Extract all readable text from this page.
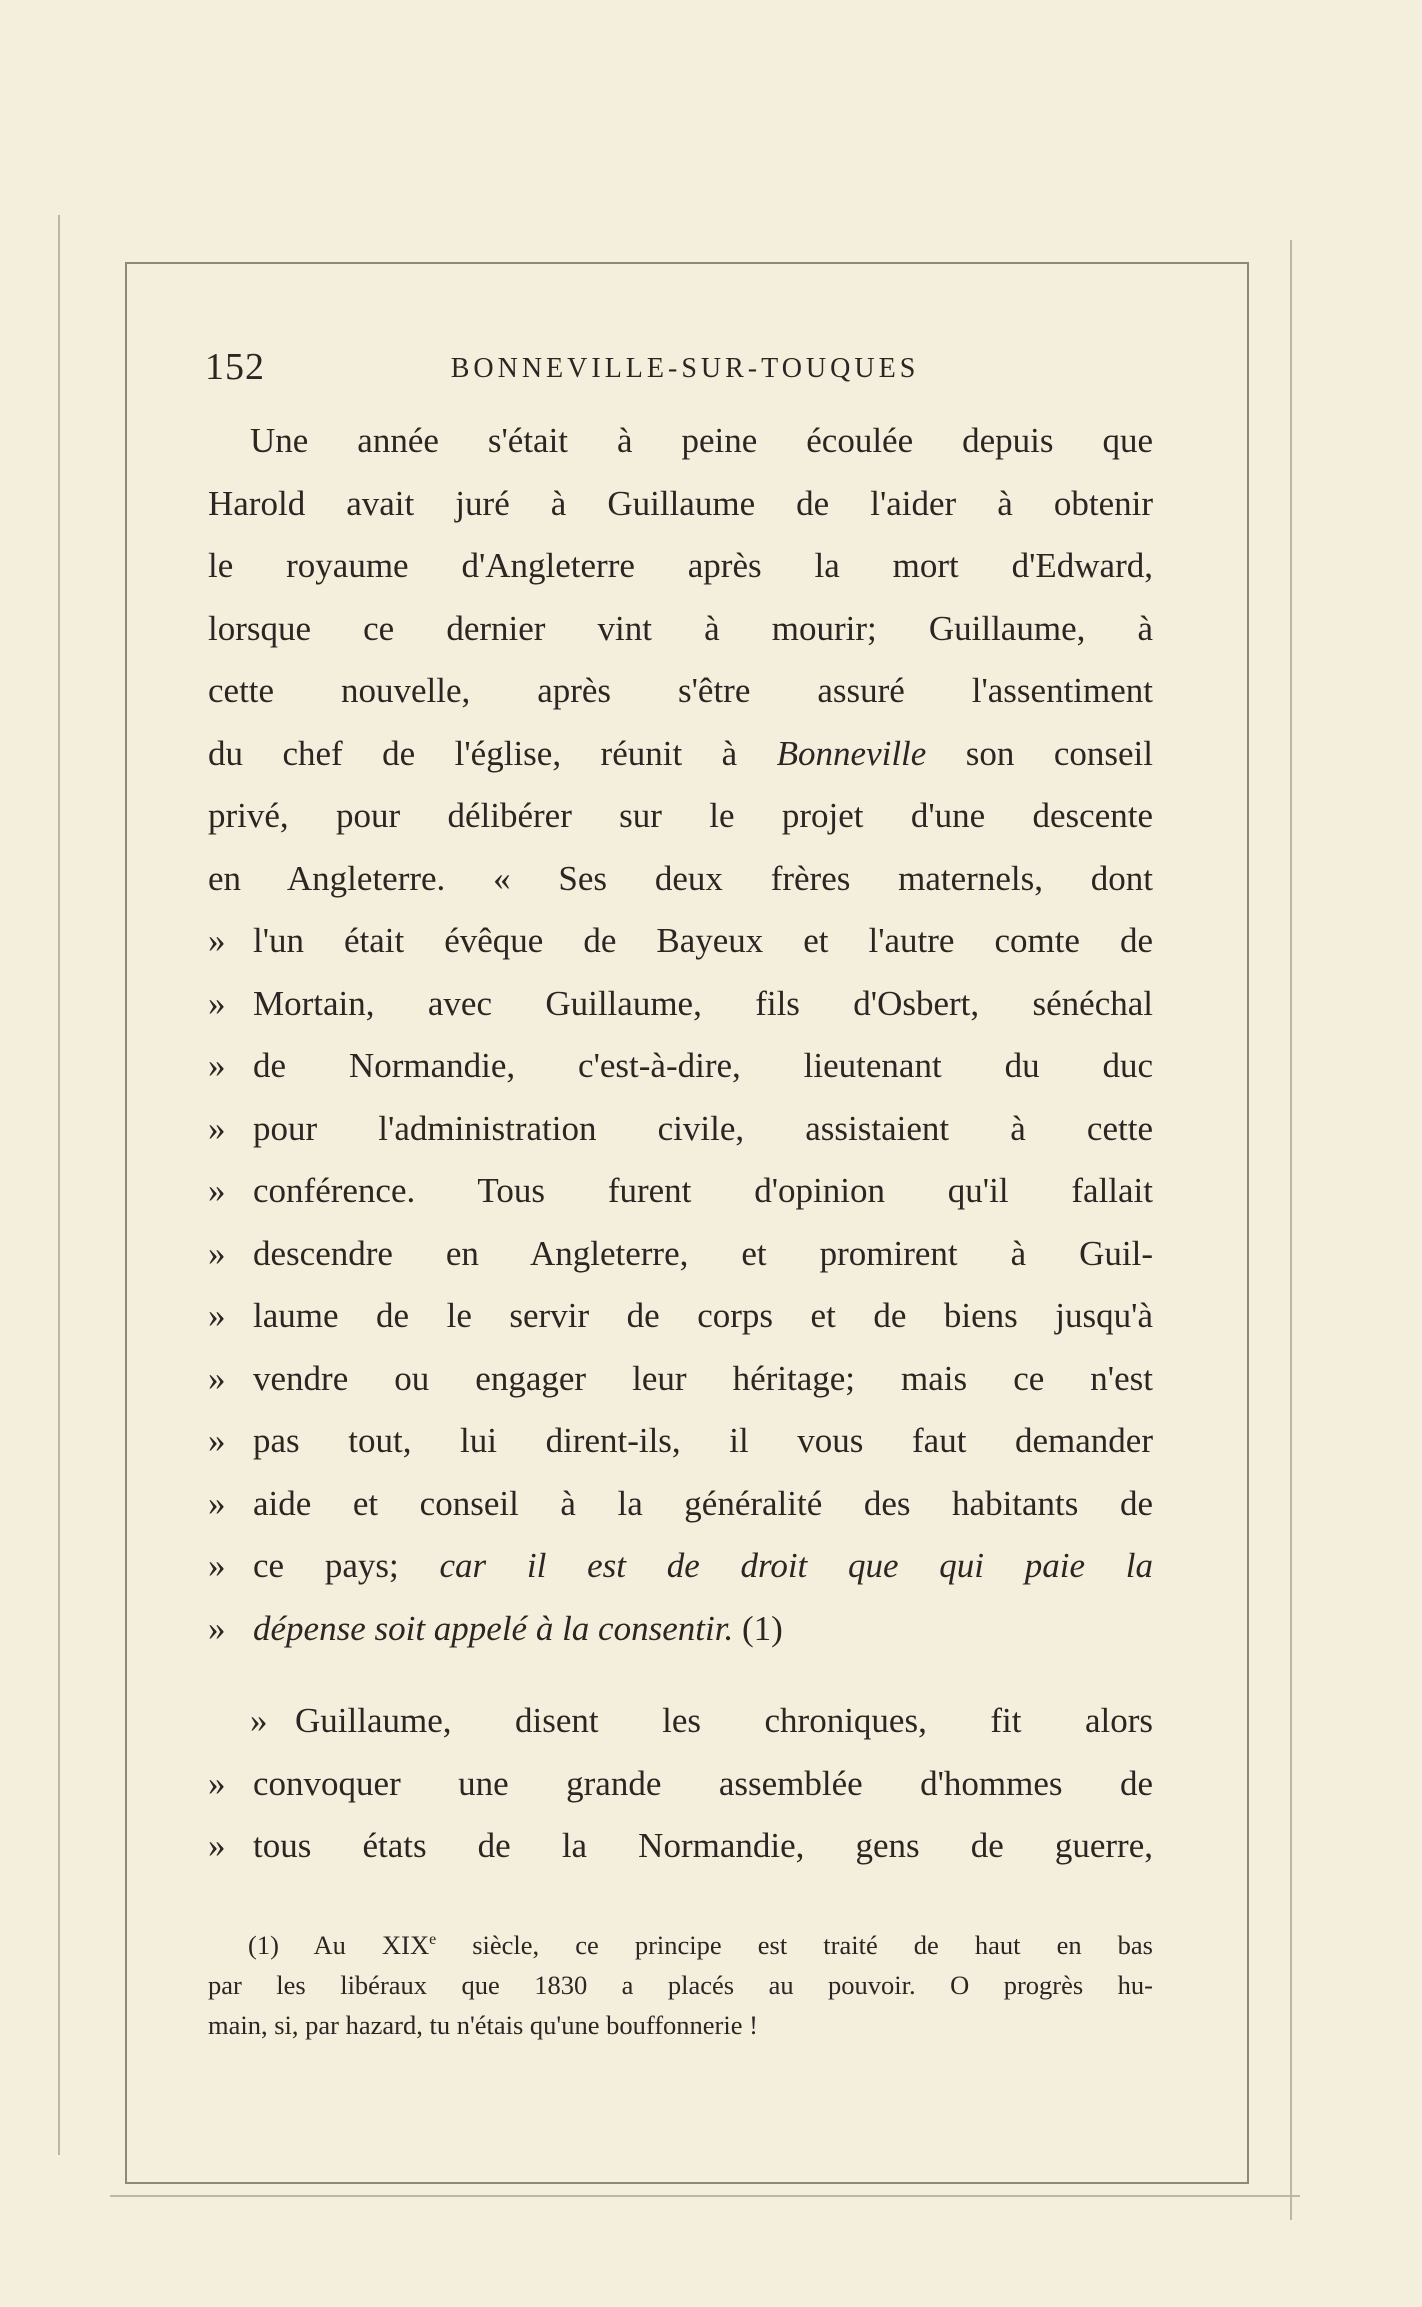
152	BONNEVILLE-SUR-TOUQUES
Une année s'était à peine écoulée depuis que
Harold avait juré à Guillaume de l'aider à obtenir
le royaume d'Angleterre après la mort d'Edward,
lorsque ce dernier vint à mourir; Guillaume, à
cette nouvelle, après s'être assuré l'assentiment
du chef de l'église, réunit à Bonneville son conseil
privé, pour délibérer sur le projet d'une descente
en Angleterre. « Ses deux frères maternels, dont
» l'un était évêque de Bayeux et l'autre comte de
» Mortain, avec Guillaume, fils d'Osbert, sénéchal
» de Normandie, c'est-à-dire, lieutenant du duc
» pour l'administration civile, assistaient à cette
» conférence. Tous furent d'opinion qu'il fallait
» descendre en Angleterre, et promirent à Guil-
» laume de le servir de corps et de biens jusqu'à
» vendre ou engager leur héritage; mais ce n'est
» pas tout, lui dirent-ils, il vous faut demander
» aide et conseil à la généralité des habitants de
» ce pays; car il est de droit que qui paie la
» dépense soit appelé à la consentir. (1)
» Guillaume, disent les chroniques, fit alors
» convoquer une grande assemblée d'hommes de
» tous états de la Normandie, gens de guerre,
(1) Au XIXe siècle, ce principe est traité de haut en bas
par les libéraux que 1830 a placés au pouvoir. O progrès hu-
main, si, par hazard, tu n'étais qu'une bouffonnerie !
